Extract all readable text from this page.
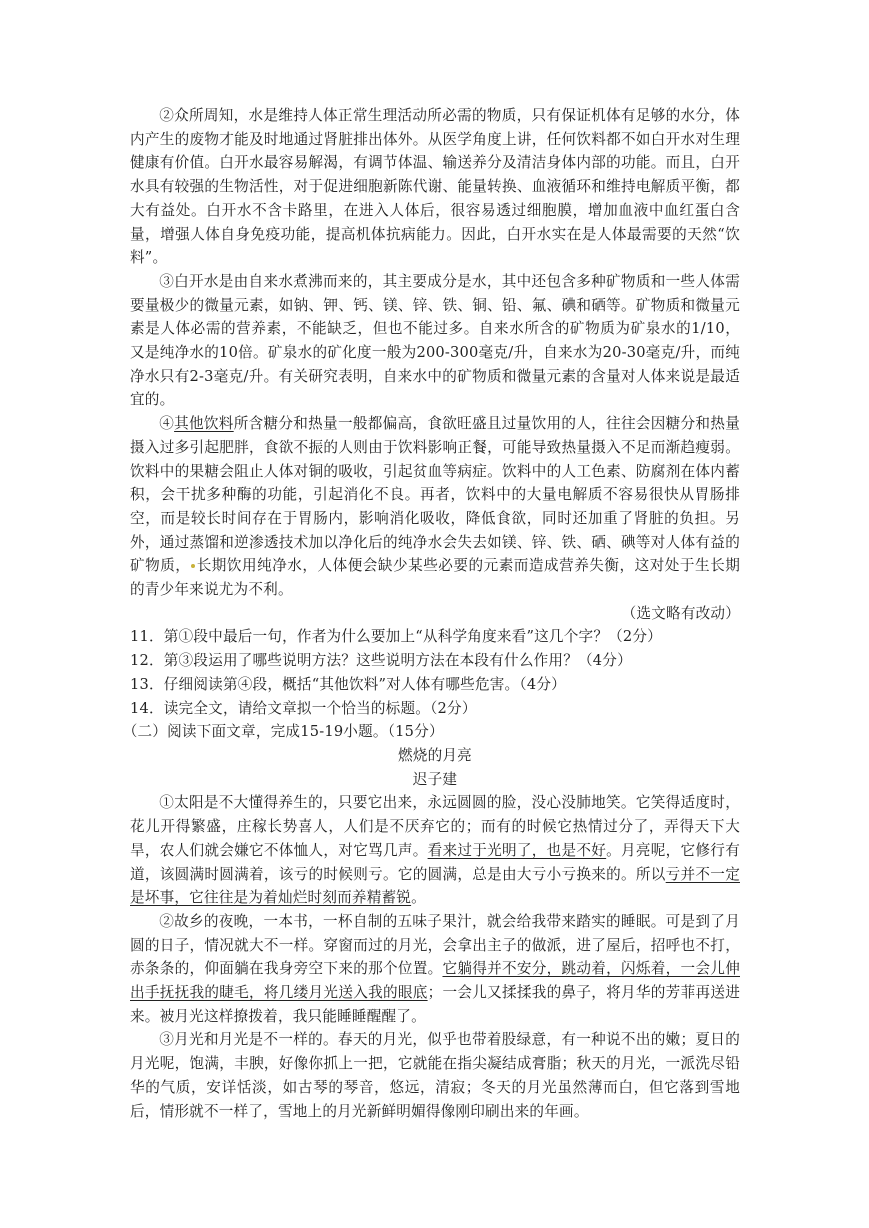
②众所周知，水是维持人体正常生理活动所必需的物质，只有保证机体有足够的水分，体内产生的废物才能及时地通过肾脏排出体外。从医学角度上讲，任何饮料都不如白开水对生理健康有价值。白开水最容易解渴，有调节体温、输送养分及清洁身体内部的功能。而且，白开水具有较强的生物活性，对于促进细胞新陈代谢、能量转换、血液循环和维持电解质平衡，都大有益处。白开水不含卡路里，在进入人体后，很容易透过细胞膜，增加血液中血红蛋白含量，增强人体自身免疫功能，提高机体抗病能力。因此，白开水实在是人体最需要的天然“饮料”。

③白开水是由自来水煮沸而来的，其主要成分是水，其中还包含多种矿物质和一些人体需要量极少的微量元素，如钠、钾、钙、镁、锌、铁、铜、铅、氟、碘和硒等。矿物质和微量元素是人体必需的营养素，不能缺乏，但也不能过多。自来水所含的矿物质为矿泉水的1/10，又是纯净水的10倍。矿泉水的矿化度一般为200-300毫克/升，自来水为20-30毫克/升，而纯净水只有2-3毫克/升。有关研究表明，自来水中的矿物质和微量元素的含量对人体来说是最适宜的。

④其他饮料所含糖分和热量一般都偏高，食欲旺盛且过量饮用的人，往往会因糖分和热量摄入过多引起肥胖，食欲不振的人则由于饮料影响正餐，可能导致热量摄入不足而渐趋瘦弱。饮料中的果糖会阻止人体对铜的吸收，引起贫血等病症。饮料中的人工色素、防腐剂在体内蓄积，会干扰多种酶的功能，引起消化不良。再者，饮料中的大量电解质不容易很快从胃肠排空，而是较长时间存在于胃肠内，影响消化吸收，降低食欲，同时还加重了肾脏的负担。另外，通过蒸馏和逆渗透技术加以净化后的纯净水会失去如镁、锌、铁、硒、碘等对人体有益的矿物质， 长期饮用纯净水，人体便会缺少某些必要的元素而造成营养失衡，这对处于生长期的青少年来说尤为不利。

（选文略有改动）

11．第①段中最后一句，作者为什么要加上“从科学角度来看”这几个字？（2分）

12．第③段运用了哪些说明方法？这些说明方法在本段有什么作用？（4分）

13．仔细阅读第④段，概括“其他饮料”对人体有哪些危害。（4分）

14．读完全文，请给文章拟一个恰当的标题。（2分）

（二）阅读下面文章，完成15-19小题。（15分）

燃烧的月亮

迟子建

①太阳是不大懂得养生的，只要它出来，永远圆圆的脸，没心没肺地笑。它笑得适度时，花儿开得繁盛，庄稼长势喜人，人们是不厌弃它的；而有的时候它热情过分了，弄得天下大旱，农人们就会嫌它不体恤人，对它骂几声。看来过于光明了，也是不好。月亮呢，它修行有道，该圆满时圆满着，该亏的时候则亏。它的圆满，总是由大亏小亏换来的。所以亏并不一定是坏事，它往往是为着灿烂时刻而养精蓄锐。

②故乡的夜晚，一本书，一杯自制的五味子果汁，就会给我带来踏实的睡眠。可是到了月圆的日子，情况就大不一样。穿窗而过的月光，会拿出主子的做派，进了屋后，招呼也不打，赤条条的，仰面躺在我身旁空下来的那个位置。它躺得并不安分，跳动着，闪烁着，一会儿伸出手抚抚我的睫毛，将几缕月光送入我的眼底；一会儿又揉揉我的鼻子，将月华的芳菲再送进来。被月光这样撩拨着，我只能睡睡醒醒了。

③月光和月光是不一样的。春天的月光，似乎也带着股绿意，有一种说不出的嫩；夏日的月光呢，饱满，丰腴，好像你抓上一把，它就能在指尖凝结成膏脂；秋天的月光，一派洗尽铅华的气质，安详恬淡，如古琴的琴音，悠远，清寂；冬天的月光虽然薄而白，但它落到雪地后，情形就不一样了，雪地上的月光新鲜明媚得像刚印刷出来的年画。
